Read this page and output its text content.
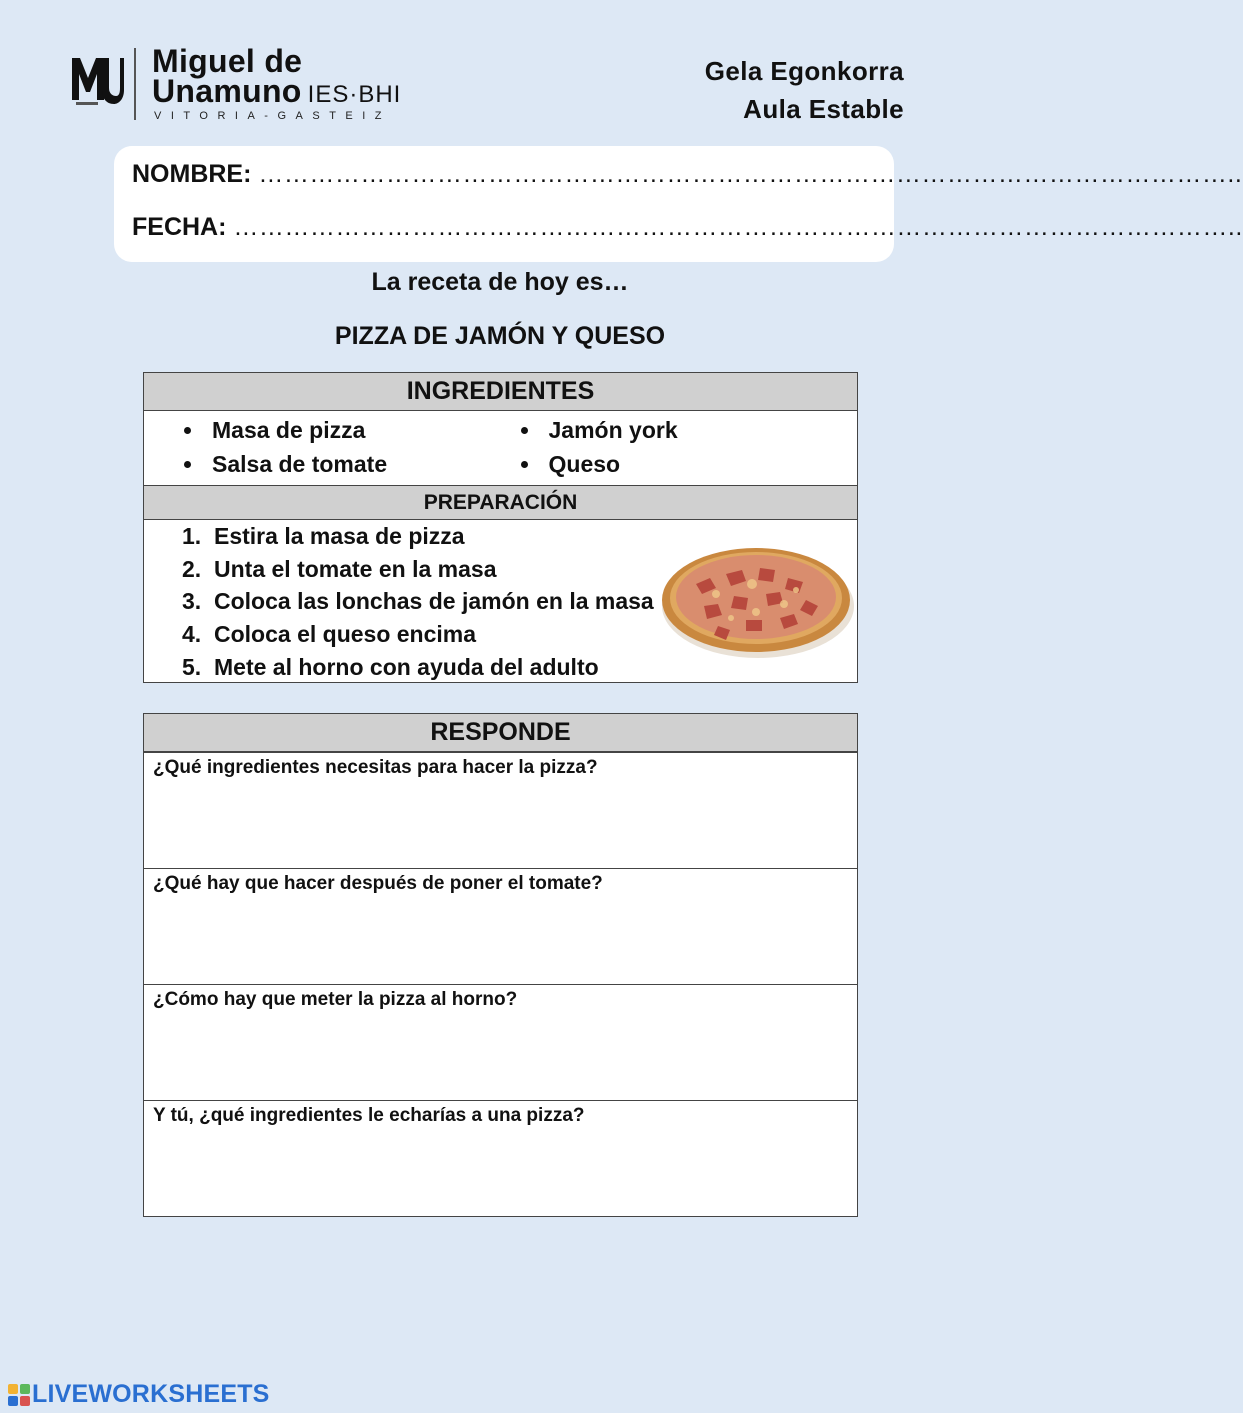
Miguel de
Unamuno IES·BHI
VITORIA-GASTEIZ
Gela Egonkorra
Aula Estable
NOMBRE: ……………………………………………………………………………………………………..
FECHA: ………………………………………………………………………………………………………..
La receta de hoy es…
PIZZA DE JAMÓN Y QUESO
INGREDIENTES
Masa de pizza
Salsa de tomate
Jamón york
Queso
PREPARACIÓN
1. Estira la masa de pizza
2. Unta el tomate en la masa
3. Coloca las lonchas de jamón en la masa
4. Coloca el queso encima
5. Mete al horno con ayuda del adulto
RESPONDE
¿Qué ingredientes necesitas para hacer la pizza?
¿Qué hay que hacer después de poner el tomate?
¿Cómo hay que meter la pizza al horno?
Y tú, ¿qué ingredientes le echarías a una pizza?
LIVEWORKSHEETS
